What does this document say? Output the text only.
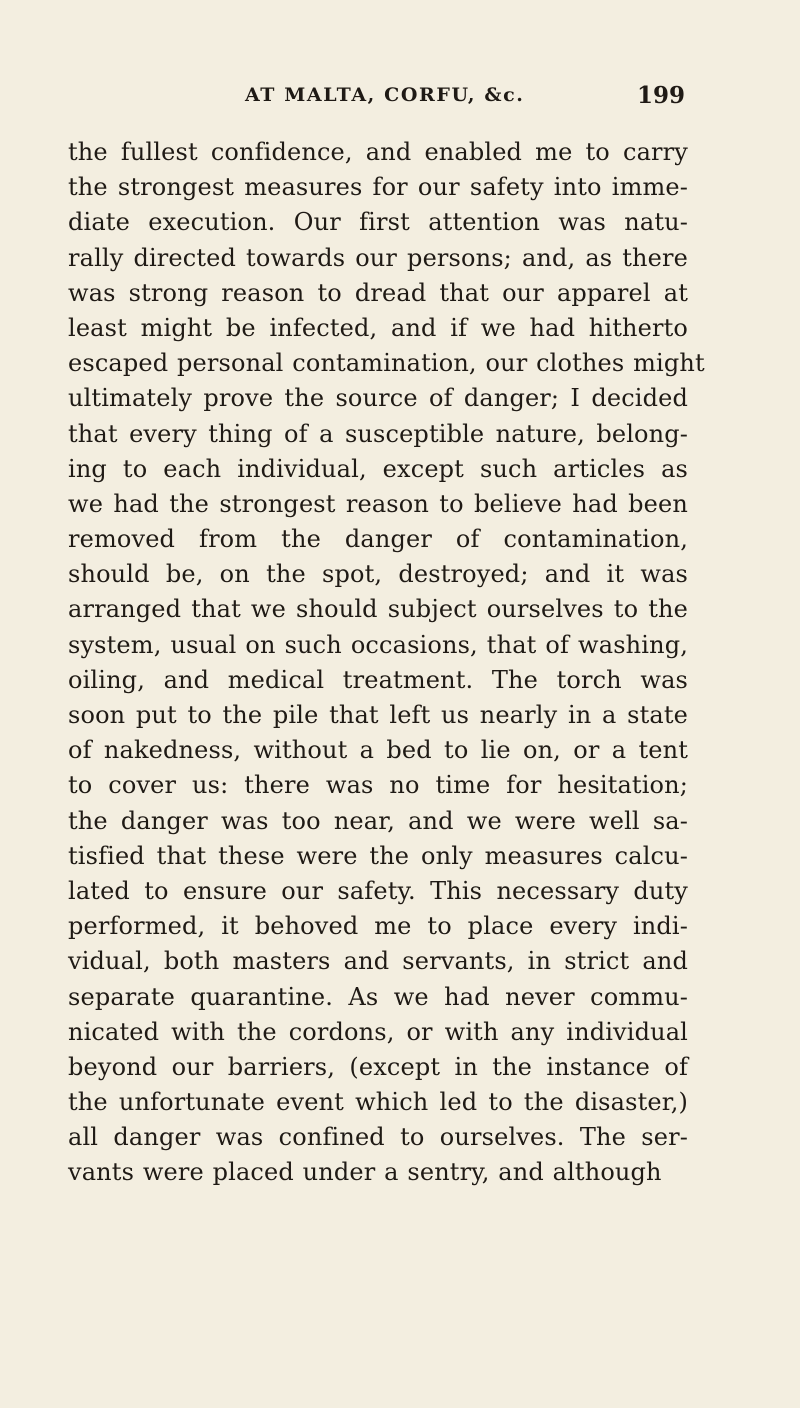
AT MALTA, CORFU, &c.	199
the fullest confidence, and enabled me to carry
the strongest measures for our safety into imme-
diate execution. Our first attention was natu-
rally directed towards our persons; and, as there
was strong reason to dread that our apparel at
least might be infected, and if we had hitherto
escaped personal contamination, our clothes might
ultimately prove the source of danger; I decided
that every thing of a susceptible nature, belong-
ing to each individual, except such articles as
we had the strongest reason to believe had been
removed from the danger of contamination,
should be, on the spot, destroyed; and it was
arranged that we should subject ourselves to the
system, usual on such occasions, that of washing,
oiling, and medical treatment. The torch was
soon put to the pile that left us nearly in a state
of nakedness, without a bed to lie on, or a tent
to cover us: there was no time for hesitation;
the danger was too near, and we were well sa-
tisfied that these were the only measures calcu-
lated to ensure our safety. This necessary duty
performed, it behoved me to place every indi-
vidual, both masters and servants, in strict and
separate quarantine. As we had never commu-
nicated with the cordons, or with any individual
beyond our barriers, (except in the instance of
the unfortunate event which led to the disaster,)
all danger was confined to ourselves. The ser-
vants were placed under a sentry, and although
